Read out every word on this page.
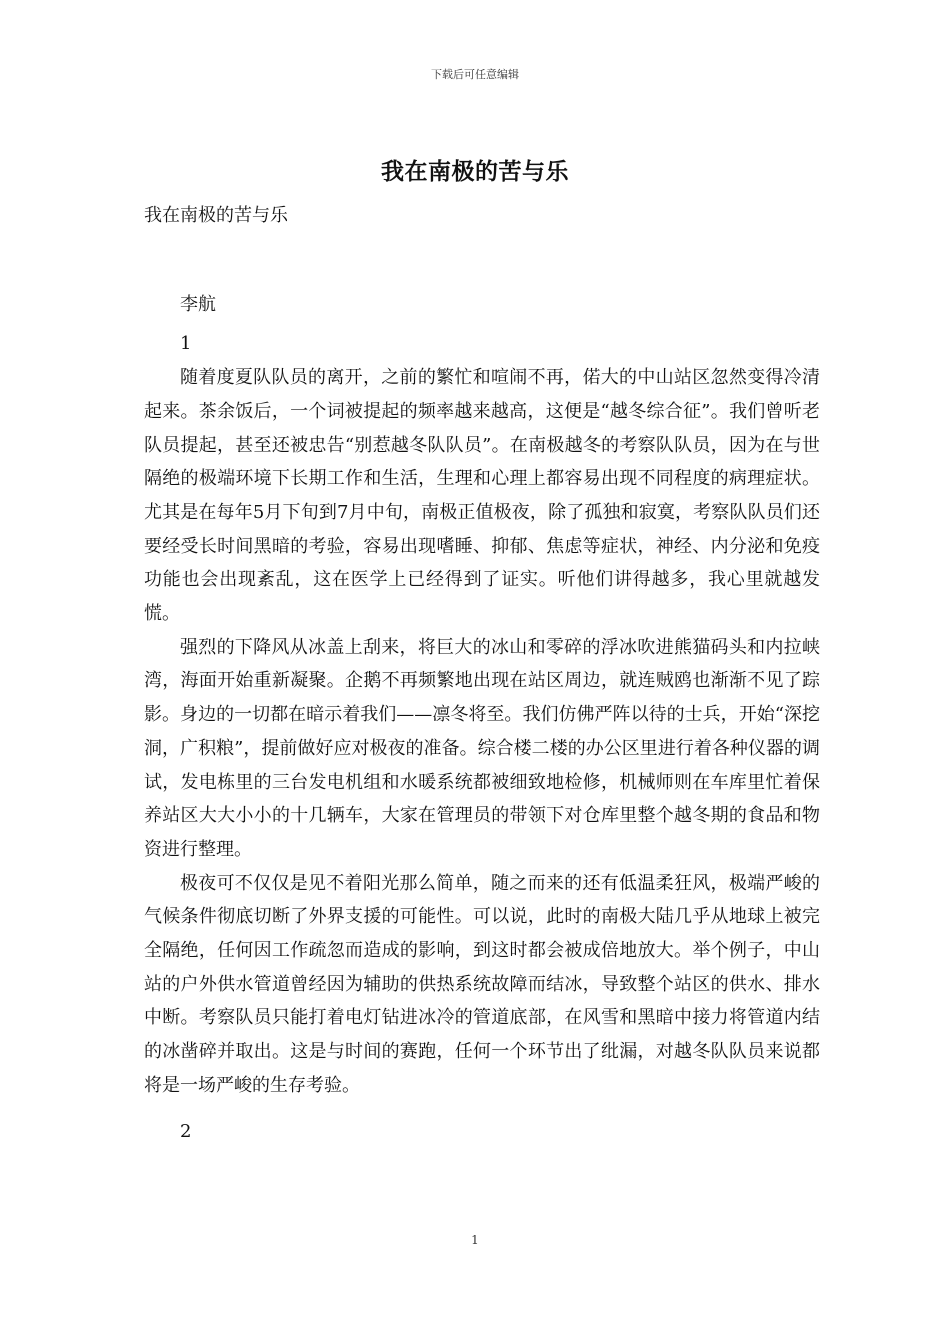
下载后可任意编辑
我在南极的苦与乐

我在南极的苦与乐

李航

1

随着度夏队队员的离开，之前的繁忙和喧闹不再，偌大的中山站区忽然变得冷清起来。茶余饭后，一个词被提起的频率越来越高，这便是“越冬综合征”。我们曾听老队员提起，甚至还被忠告“别惹越冬队队员”。在南极越冬的考察队队员，因为在与世隔绝的极端环境下长期工作和生活，生理和心理上都容易出现不同程度的病理症状。尤其是在每年5月下旬到7月中旬，南极正值极夜，除了孤独和寂寞，考察队队员们还要经受长时间黑暗的考验，容易出现嗜睡、抑郁、焦虑等症状，神经、内分泌和免疫功能也会出现紊乱，这在医学上已经得到了证实。听他们讲得越多，我心里就越发慌。

强烈的下降风从冰盖上刮来，将巨大的冰山和零碎的浮冰吹进熊猫码头和内拉峡湾，海面开始重新凝聚。企鹅不再频繁地出现在站区周边，就连贼鸥也渐渐不见了踪影。身边的一切都在暗示着我们——凛冬将至。我们仿佛严阵以待的士兵，开始“深挖洞，广积粮”，提前做好应对极夜的准备。综合楼二楼的办公区里进行着各种仪器的调试，发电栋里的三台发电机组和水暖系统都被细致地检修，机械师则在车库里忙着保养站区大大小小的十几辆车，大家在管理员的带领下对仓库里整个越冬期的食品和物资进行整理。

极夜可不仅仅是见不着阳光那么简单，随之而来的还有低温柔狂风，极端严峻的气候条件彻底切断了外界支援的可能性。可以说，此时的南极大陆几乎从地球上被完全隔绝，任何因工作疏忽而造成的影响，到这时都会被成倍地放大。举个例子，中山站的户外供水管道曾经因为辅助的供热系统故障而结冰，导致整个站区的供水、排水中断。考察队员只能打着电灯钻进冰冷的管道底部，在风雪和黑暗中接力将管道内结的冰凿碎并取出。这是与时间的赛跑，任何一个环节出了纰漏，对越冬队队员来说都将是一场严峻的生存考验。

2

1
